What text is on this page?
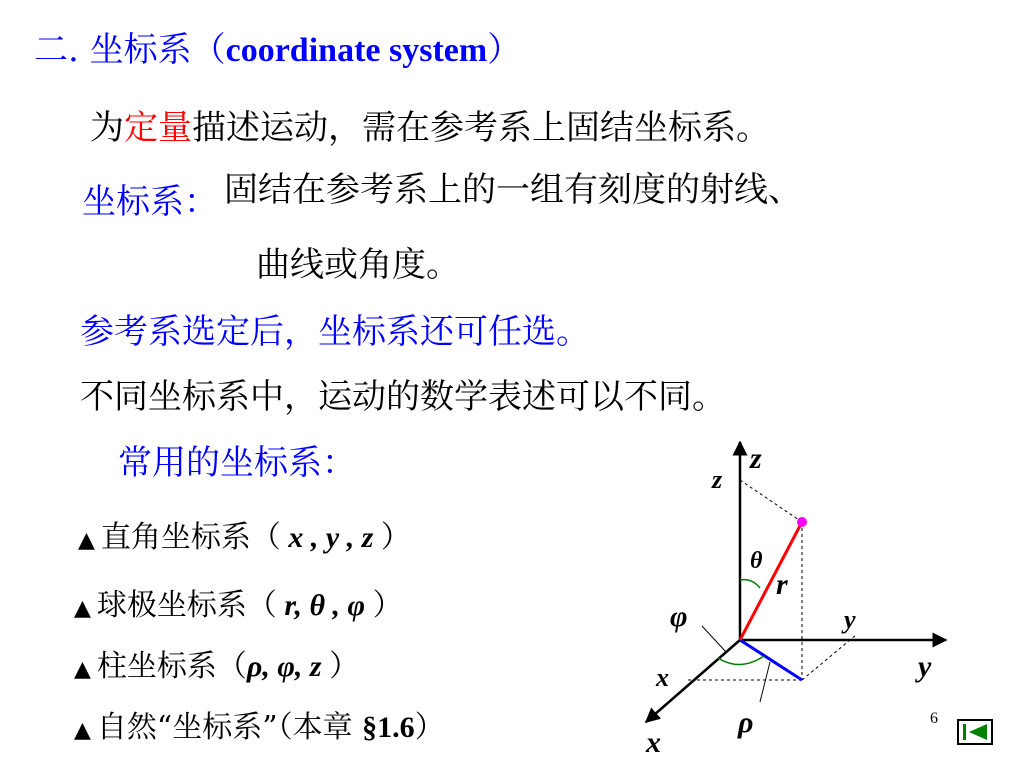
二. 坐标系（coordinate system）
为定量描述运动，需在参考系上固结坐标系。
坐标系： 固结在参考系上的一组有刻度的射线、
曲线或角度。
参考系选定后，坐标系还可任选。
不同坐标系中，运动的数学表述可以不同。
常用的坐标系：
▲ 直角坐标系（ x , y , z ）
▲ 球极坐标系（ r, θ , φ ）
▲ 柱坐标系（ρ, φ, z ）
▲ 自然“坐标系”（本章 §1.6）
z
z
y
y
x
x
θ
r
φ
ρ	6
